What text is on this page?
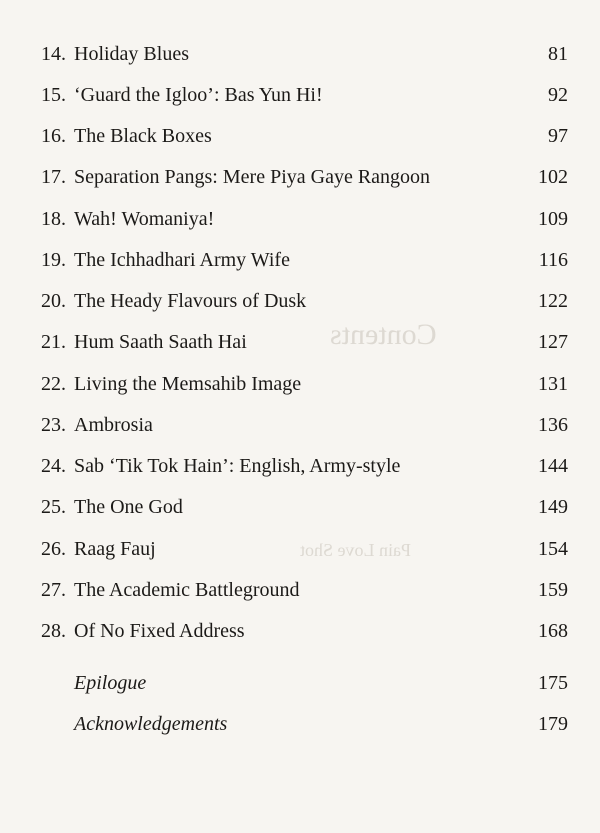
Contents
Pain Love Shot
14. Holiday Blues	81
15. ‘Guard the Igloo’: Bas Yun Hi!	92
16. The Black Boxes	97
17. Separation Pangs: Mere Piya Gaye Rangoon	102
18. Wah! Womaniya!	109
19. The Ichhadhari Army Wife	116
20. The Heady Flavours of Dusk	122
21. Hum Saath Saath Hai	127
22. Living the Memsahib Image	131
23. Ambrosia	136
24. Sab ‘Tik Tok Hain’: English, Army-style	144
25. The One God	149
26. Raag Fauj	154
27. The Academic Battleground	159
28. Of No Fixed Address	168
Epilogue	175
Acknowledgements	179
